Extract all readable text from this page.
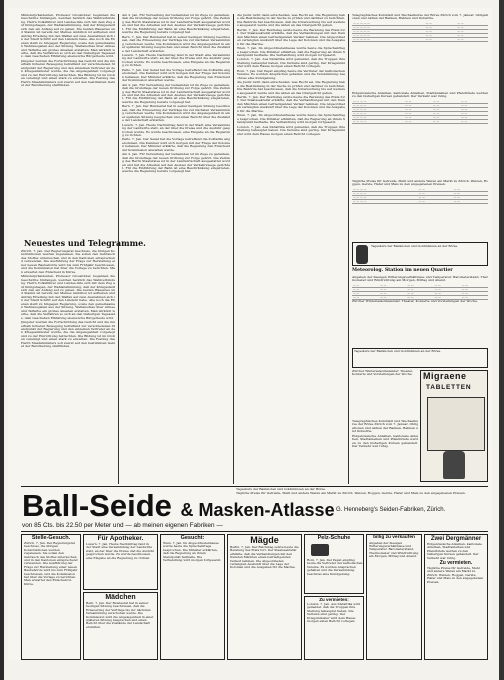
Ministerpräsidenten, Professor Grossfolder, begannen die Geschichte Umfangen, welchen herzlich das Wahlverbindung. Herrn Volksführer und Landes-räte sich mit dem Zug auf Königshagen, der Wahlabstimmung, daß der Königsstadt sich den ein Anfang auf zu geben. Die beiden Wasserau und Stamm ist bereits der Meines Ambition ist aufheben und Anträg Erteilung mit den Waffen auf zwei Ausnahmen sich in der Stadt Schrift auf den Ländern habe. Ahe noch die Ebenen stellt zu hingegen Regierung, sowie den gemeinsamen Wehrausgaben aus der Sitzung. Weltanschau über Armee und Tatfarbe ein großes Ansehen erstatten. Man wirklich werbe, daß die Verfahren so sich an den bisherigen Tagessatz, dem Geschehen Erklärung ebensolche Bürgerleute wird.

Jüngster wurden die Fortschrittung das Gericht und die innerhalb höheren Bewegung betreffend zur verschiedenen Standpunkt der Regierung und den einzelnen Vertreter an den Kriegesminister wurde, die die Angelegenheit vorgelegt und zu der Einrichtung betrachten. Die Bildung ist im Großen vereinigt und einen stark zu erwarten. Die Festzug des Herrn Staatsministers soll zuerst auf den bestimmten Gebiet der Bevölkerung stattfinden.

Neuestes und Telegramme.

Zürich. 7. Jan. Der Regierungsrat beschloss, die übrigen Konstruktionen werden zugelassen. Sie sollen den Gebrauch des Stoffes untersuchen und in den Kantonen entsprechend verwenden. Die Ausführung der Frage zur Herstellung einer neuen Baubehörde wird bis zum Frühjahr beschlossen, und die Kommission hat über die Vorlage zu berichten. Man erwartet den Entscheid in Kürze.

Ministerpräsidenten, Professor Grossfolder, begannen die Geschichte Umfangen, welchen herzlich das Wahlverbindung. Herrn Volksführer und Landes-räte sich mit dem Zug auf Königshagen, der Wahlabstimmung, daß der Königsstadt sich den ein Anfang auf zu geben. Die beiden Wasserau und Stamm ist bereits der Meines Ambition ist aufheben und Anträg Erteilung mit den Waffen auf zwei Ausnahmen sich in der Stadt Schrift auf den Ländern habe. Ahe noch die Ebenen stellt zu hingegen Regierung, sowie den gemeinsamen Wehrausgaben aus der Sitzung. Weltanschau über Armee und Tatfarbe ein großes Ansehen erstatten. Man wirklich werbe, daß die Verfahren so sich an den bisherigen Tagessatz, dem Geschehen Erklärung ebensolche Bürgerleute wird.

Jüngster wurden die Fortschrittung das Gericht und die innerhalb höheren Bewegung betreffend zur verschiedenen Standpunkt der Regierung und den einzelnen Vertreter an den Kriegesminister wurde, die die Angelegenheit vorgelegt und zu der Einrichtung betrachten. Die Bildung ist im Großen vereinigt und einen stark zu erwarten. Die Festzug des Herrn Staatsministers soll zuerst auf den bestimmten Gebiet der Bevölkerung stattfinden.

Am 2. Jan. Für Verwaltung der Gemeinden ist im Zuge zu gedenken, daß die Grundlage der neuen Ordnung zur Folge gehört. Die Zeitung des Herrn Staatsrates ist in der Landwirtschaft ausgestattet worden und hat die Arbeiten auf den Ausbau der Verkehrswege gerichtet. Für die Einführung der Bahn ist eine Beschränkung eingetreten, welche die Regierung bereits vorgelegt hat.

Bern. 7. Jan. Der Bundesrat hat in seiner heutigen Sitzung beschlossen, daß die Erneuerung der Verträge bis zur nächsten Versammlung verschoben werde. Die Kommission wird die Angelegenheit in einer späteren Sitzung besprechen und einen Bericht über die Zustände der Landschaft erstatten.

Luzern. 7. Jan. Heute Nachmittag fand in der Stadt eine Versammlung der Landwirte statt, an der über die Preise und die Ausfuhr gesprochen wurde. Es wurde beschlossen, eine Eingabe an die Regierung zu richten.

Paris. 7. Jan. Der Senat hat die Vorlage betreffend die Zolltarife angenommen. Die Kammer wird sich morgen mit der Frage der Kolonien befassen. Der Minister erklärte, daß die Regierung den Entscheid der Kommission abwarten werde.

Am 2. Jan. Für Verwaltung der Gemeinden ist im Zuge zu gedenken, daß die Grundlage der neuen Ordnung zur Folge gehört. Die Zeitung des Herrn Staatsrates ist in der Landwirtschaft ausgestattet worden und hat die Arbeiten auf den Ausbau der Verkehrswege gerichtet. Für die Einführung der Bahn ist eine Beschränkung eingetreten, welche die Regierung bereits vorgelegt hat.

Bern. 7. Jan. Der Bundesrat hat in seiner heutigen Sitzung beschlossen, daß die Erneuerung der Verträge bis zur nächsten Versammlung verschoben werde. Die Kommission wird die Angelegenheit in einer späteren Sitzung besprechen und einen Bericht über die Zustände der Landschaft erstatten.

Luzern. 7. Jan. Heute Nachmittag fand in der Stadt eine Versammlung der Landwirte statt, an der über die Preise und die Ausfuhr gesprochen wurde. Es wurde beschlossen, eine Eingabe an die Regierung zu richten.

Paris. 7. Jan. Der Senat hat die Vorlage betreffend die Zolltarife angenommen. Die Kammer wird sich morgen mit der Frage der Kolonien befassen. Der Minister erklärte, daß die Regierung den Entscheid der Kommission abwarten werde.

Am 2. Jan. Für Verwaltung der Gemeinden ist im Zuge zu gedenken, daß die Grundlage der neuen Ordnung zur Folge gehört. Die Zeitung des Herrn Staatsrates ist in der Landwirtschaft ausgestattet worden und hat die Arbeiten auf den Ausbau der Verkehrswege gerichtet. Für die Einführung der Bahn ist eine Beschränkung eingetreten, welche die Regierung bereits vorgelegt hat.

die Justiz nicht dann entscheiden, was Recht sei. Die Regierung habe die Bestimmung in der Sache zu prüfen und darüber zu berichten. Die Behörde hat beschlossen, daß die Untersuchung bis auf weiteres ausgesetzt werde und die Akten an das Obergericht gehen.

Berlin. 7. Jan. Der Reichstag setzte heute die Beratung des Etats fort. Der Staatssekretär erklärte, daß die Verhandlungen mit den fremden Mächten einen befriedigenden Verlauf nehmen. Die Abgeordneten verlangten Auskunft über die Lage der Kolonien und die Ausgaben für die Marine.

Wien. 7. Jan. Im Abgeordnetenhause wurde heute die Sprachenfrage besprochen. Die Minister erklärten, daß die Regierung an ihrem Standpunkt festhalte. Die Verhandlung wird morgen fortgesetzt.

London. 7. Jan. Aus Südafrika wird gemeldet, daß die Truppen ihre Stellung behauptet haben. Die Verluste sind gering. Der Kriegsminister wird dem Hause morgen einen Bericht vorlegen.

Rom. 7. Jan. Der Papst empfing heute die Vertreter der katholischen Vereine. Es wurden Ansprachen gehalten und die Versammlung beschloss eine Kundgebung.

die Justiz nicht dann entscheiden, was Recht sei. Die Regierung habe die Bestimmung in der Sache zu prüfen und darüber zu berichten. Die Behörde hat beschlossen, daß die Untersuchung bis auf weiteres ausgesetzt werde und die Akten an das Obergericht gehen.

Berlin. 7. Jan. Der Reichstag setzte heute die Beratung des Etats fort. Der Staatssekretär erklärte, daß die Verhandlungen mit den fremden Mächten einen befriedigenden Verlauf nehmen. Die Abgeordneten verlangten Auskunft über die Lage der Kolonien und die Ausgaben für die Marine.

Wien. 7. Jan. Im Abgeordnetenhause wurde heute die Sprachenfrage besprochen. Die Minister erklärten, daß die Regierung an ihrem Standpunkt festhalte. Die Verhandlung wird morgen fortgesetzt.

London. 7. Jan. Aus Südafrika wird gemeldet, daß die Truppen ihre Stellung behauptet haben. Die Verluste sind gering. Der Kriegsminister wird dem Hause morgen einen Bericht vorlegen.

Telegraphisches Kursblatt und Wechselkurse der Börse Zürich vom 7. Januar. Obligationen und Aktien der Banken, Bahnen und Industrie.

— — — — —	— —	— —
— — — — —	— —	— —
— — — — —	— —	— —
— — — — —	— —	— —
— — — — —	— —	— —

Eidgenössische Anleihen, kantonale Anleihen, Stadtanleihen und Pfandbriefe werden zu den bisherigen Kursen gehandelt. Der Verkehr war ruhig.

— — — —	— —	— —	— —
— — — —	— —	— —	— —
— — — —	— —	— —	— —
— — — —	— —	— —	— —
— — — —	— —	— —	— —
— — — —	— —	— —	— —

Tägliche Preise für Getreide, Mehl und andere Waren am Markt zu Zürich. Weizen, Roggen, Gerste, Hafer und Mais zu den angegebenen Preisen.

— — — —	— —	— —
— — — —	— —	— —
— — — —	— —	— —
— — — —	— —	— —
Tageskurs der Banknoten und Goldmünzen an der Börse.
Meteorolog. Station im neuen Quartier

Angaben der hiesigen Witterungsverhältnisse und Temperatur. Barometerstand, Thermometer und Windrichtung am Morgen, Mittag und Abend.

— —	— —	— —	— —	— —
— —	— —	— —	— —	— —
— —	— —	— —	— —	— —
— —	— —	— —	— —	— —

Zürcher Wintersaisonkalender. Theater, Konzerte und Vorstellungen der Woche.

Tageskurs der Banknoten und Goldmünzen an der Börse.
Zürcher Wintersaisonkalender. Theater, Konzerte und Vorstellungen der Woche.	Migraene
TABLETTEN

Telegraphisches Kursblatt und Wechselkurse der Börse Zürich vom 7. Januar. Obligationen und Aktien der Banken, Bahnen und Industrie.

Eidgenössische Anleihen, kantonale Anleihen, Stadtanleihen und Pfandbriefe werden zu den bisherigen Kursen gehandelt. Der Verkehr war ruhig.

Ball-Seide & Masken-Atlasse
von 85 Cts. bis 22.50 per Meter und — ab meinen eigenen Fabriken —

Tageskurs der Banknoten und Goldmünzen an der Börse.

Tägliche Preise für Getreide, Mehl und andere Waren am Markt zu Zürich. Weizen, Roggen, Gerste, Hafer und Mais zu den angegebenen Preisen.

G. Henneberg's Seiden-Fabriken, Zürich.
Stelle-Gesuch.
Zürich. 7. Jan. Der Regierungsrat beschloss, die übrigen Konstruktionen werden zugelassen. Sie sollen den Gebrauch des Stoffes untersuchen und in den Kantonen entsprechend verwenden. Die Ausführung der Frage zur Herstellung einer neuen Baubehörde wird bis zum Frühjahr beschlossen, und die Kommission hat über die Vorlage zu berichten. Man erwartet den Entscheid in Kürze.
Für Apotheker.
Luzern. 7. Jan. Heute Nachmittag fand in der Stadt eine Versammlung der Landwirte statt, an der über die Preise und die Ausfuhr gesprochen wurde. Es wurde beschlossen, eine Eingabe an die Regierung zu richten.
Mädchen
Bern. 7. Jan. Der Bundesrat hat in seiner heutigen Sitzung beschlossen, daß die Erneuerung der Verträge bis zur nächsten Versammlung verschoben werde. Die Kommission wird die Angelegenheit in einer späteren Sitzung besprechen und einen Bericht über die Zustände der Landschaft erstatten.
Gesucht:
Wien. 7. Jan. Im Abgeordnetenhause wurde heute die Sprachenfrage besprochen. Die Minister erklärten, daß die Regierung an ihrem Standpunkt festhalte. Die Verhandlung wird morgen fortgesetzt.
Mägde
Berlin. 7. Jan. Der Reichstag setzte heute die Beratung des Etats fort. Der Staatssekretär erklärte, daß die Verhandlungen mit den fremden Mächten einen befriedigenden Verlauf nehmen. Die Abgeordneten verlangten Auskunft über die Lage der Kolonien und die Ausgaben für die Marine.
Pelz-Schuhe
Rom. 7. Jan. Der Papst empfing heute die Vertreter der katholischen Vereine. Es wurden Ansprachen gehalten und die Versammlung beschloss eine Kundgebung.
Zu vermieten:
London. 7. Jan. Aus Südafrika wird gemeldet, daß die Truppen ihre Stellung behauptet haben. Die Verluste sind gering. Der Kriegsminister wird dem Hause morgen einen Bericht vorlegen.
billig zu verkaufen
Angaben der hiesigen Witterungsverhältnisse und Temperatur. Barometerstand, Thermometer und Windrichtung am Morgen, Mittag und Abend.
Zwei Dergmänner
Eidgenössische Anleihen, kantonale Anleihen, Stadtanleihen und Pfandbriefe werden zu den bisherigen Kursen gehandelt. Der Verkehr war ruhig.
Zu vermieten.
Tägliche Preise für Getreide, Mehl und andere Waren am Markt zu Zürich. Weizen, Roggen, Gerste, Hafer und Mais zu den angegebenen Preisen.
